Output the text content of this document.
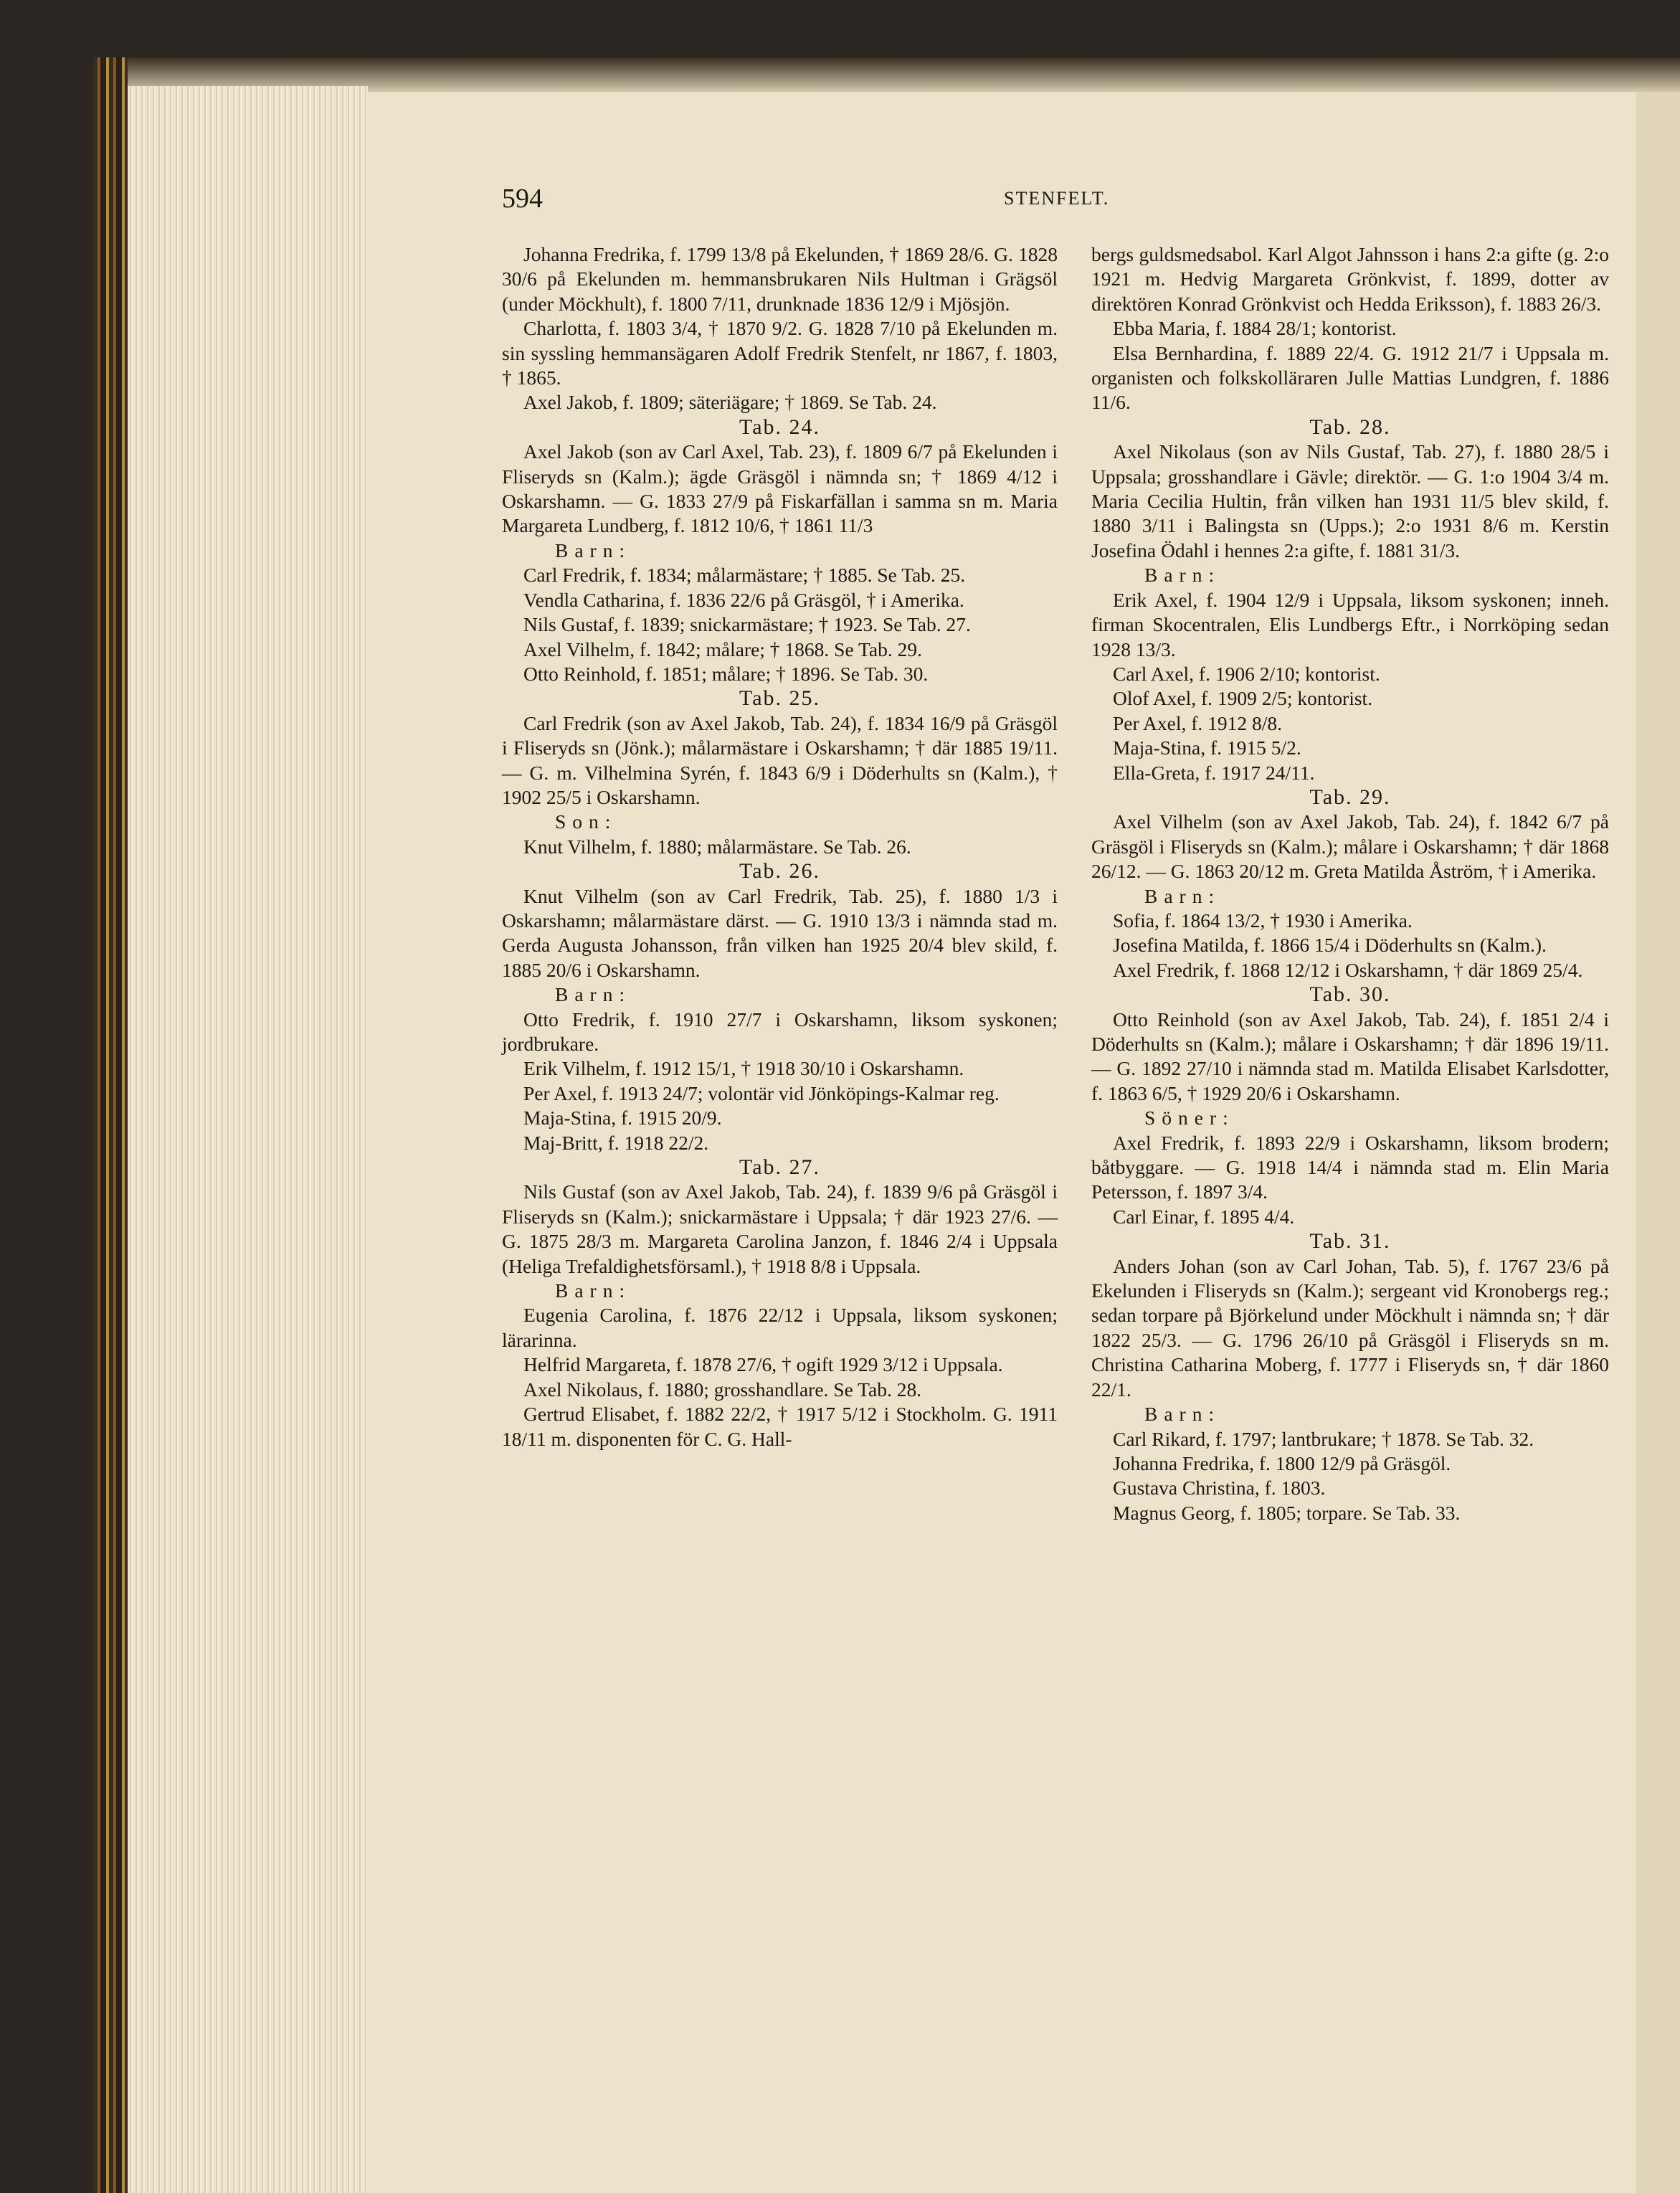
594	STENFELT.

Johanna Fredrika, f. 1799 13/8 på Ekelunden, † 1869 28/6. G. 1828 30/6 på Ekelunden m. hemmansbrukaren Nils Hultman i Grägsöl (under Möckhult), f. 1800 7/11, drunknade 1836 12/9 i Mjösjön.

Charlotta, f. 1803 3/4, † 1870 9/2. G. 1828 7/10 på Ekelunden m. sin syssling hemmansägaren Adolf Fredrik Stenfelt, nr 1867, f. 1803, † 1865.

Axel Jakob, f. 1809; säteriägare; † 1869. Se Tab. 24.

Tab. 24.

Axel Jakob (son av Carl Axel, Tab. 23), f. 1809 6/7 på Ekelunden i Fliseryds sn (Kalm.); ägde Gräsgöl i nämnda sn; † 1869 4/12 i Oskarshamn. — G. 1833 27/9 på Fiskarfällan i samma sn m. Maria Margareta Lundberg, f. 1812 10/6, † 1861 11/3

Barn:

Carl Fredrik, f. 1834; målarmästare; † 1885. Se Tab. 25.

Vendla Catharina, f. 1836 22/6 på Gräsgöl, † i Amerika.

Nils Gustaf, f. 1839; snickarmästare; † 1923. Se Tab. 27.

Axel Vilhelm, f. 1842; målare; † 1868. Se Tab. 29.

Otto Reinhold, f. 1851; målare; † 1896. Se Tab. 30.

Tab. 25.

Carl Fredrik (son av Axel Jakob, Tab. 24), f. 1834 16/9 på Gräsgöl i Fliseryds sn (Jönk.); målarmästare i Oskarshamn; † där 1885 19/11. — G. m. Vilhelmina Syrén, f. 1843 6/9 i Döderhults sn (Kalm.), † 1902 25/5 i Oskarshamn.

Son:

Knut Vilhelm, f. 1880; målarmästare. Se Tab. 26.

Tab. 26.

Knut Vilhelm (son av Carl Fredrik, Tab. 25), f. 1880 1/3 i Oskarshamn; målarmästare därst. — G. 1910 13/3 i nämnda stad m. Gerda Augusta Johansson, från vilken han 1925 20/4 blev skild, f. 1885 20/6 i Oskarshamn.

Barn:

Otto Fredrik, f. 1910 27/7 i Oskarshamn, liksom syskonen; jordbrukare.

Erik Vilhelm, f. 1912 15/1, † 1918 30/10 i Oskarshamn.

Per Axel, f. 1913 24/7; volontär vid Jönköpings-Kalmar reg.

Maja-Stina, f. 1915 20/9.

Maj-Britt, f. 1918 22/2.

Tab. 27.

Nils Gustaf (son av Axel Jakob, Tab. 24), f. 1839 9/6 på Gräsgöl i Fliseryds sn (Kalm.); snickarmästare i Uppsala; † där 1923 27/6. — G. 1875 28/3 m. Margareta Carolina Janzon, f. 1846 2/4 i Uppsala (Heliga Trefaldighetsförsaml.), † 1918 8/8 i Uppsala.

Barn:

Eugenia Carolina, f. 1876 22/12 i Uppsala, liksom syskonen; lärarinna.

Helfrid Margareta, f. 1878 27/6, † ogift 1929 3/12 i Uppsala.

Axel Nikolaus, f. 1880; grosshandlare. Se Tab. 28.

Gertrud Elisabet, f. 1882 22/2, † 1917 5/12 i Stockholm. G. 1911 18/11 m. disponenten för C. G. Hall-

bergs guldsmedsabol. Karl Algot Jahnsson i hans 2:a gifte (g. 2:o 1921 m. Hedvig Margareta Grönkvist, f. 1899, dotter av direktören Konrad Grönkvist och Hedda Eriksson), f. 1883 26/3.

Ebba Maria, f. 1884 28/1; kontorist.

Elsa Bernhardina, f. 1889 22/4. G. 1912 21/7 i Uppsala m. organisten och folkskolläraren Julle Mattias Lundgren, f. 1886 11/6.

Tab. 28.

Axel Nikolaus (son av Nils Gustaf, Tab. 27), f. 1880 28/5 i Uppsala; grosshandlare i Gävle; direktör. — G. 1:o 1904 3/4 m. Maria Cecilia Hultin, från vilken han 1931 11/5 blev skild, f. 1880 3/11 i Balingsta sn (Upps.); 2:o 1931 8/6 m. Kerstin Josefina Ödahl i hennes 2:a gifte, f. 1881 31/3.

Barn:

Erik Axel, f. 1904 12/9 i Uppsala, liksom syskonen; inneh. firman Skocentralen, Elis Lundbergs Eftr., i Norrköping sedan 1928 13/3.

Carl Axel, f. 1906 2/10; kontorist.

Olof Axel, f. 1909 2/5; kontorist.

Per Axel, f. 1912 8/8.

Maja-Stina, f. 1915 5/2.

Ella-Greta, f. 1917 24/11.

Tab. 29.

Axel Vilhelm (son av Axel Jakob, Tab. 24), f. 1842 6/7 på Gräsgöl i Fliseryds sn (Kalm.); målare i Oskarshamn; † där 1868 26/12. — G. 1863 20/12 m. Greta Matilda Åström, † i Amerika.

Barn:

Sofia, f. 1864 13/2, † 1930 i Amerika.

Josefina Matilda, f. 1866 15/4 i Döderhults sn (Kalm.).

Axel Fredrik, f. 1868 12/12 i Oskarshamn, † där 1869 25/4.

Tab. 30.

Otto Reinhold (son av Axel Jakob, Tab. 24), f. 1851 2/4 i Döderhults sn (Kalm.); målare i Oskarshamn; † där 1896 19/11. — G. 1892 27/10 i nämnda stad m. Matilda Elisabet Karlsdotter, f. 1863 6/5, † 1929 20/6 i Oskarshamn.

Söner:

Axel Fredrik, f. 1893 22/9 i Oskarshamn, liksom brodern; båtbyggare. — G. 1918 14/4 i nämnda stad m. Elin Maria Petersson, f. 1897 3/4.

Carl Einar, f. 1895 4/4.

Tab. 31.

Anders Johan (son av Carl Johan, Tab. 5), f. 1767 23/6 på Ekelunden i Fliseryds sn (Kalm.); sergeant vid Kronobergs reg.; sedan torpare på Björkelund under Möckhult i nämnda sn; † där 1822 25/3. — G. 1796 26/10 på Gräsgöl i Fliseryds sn m. Christina Catharina Moberg, f. 1777 i Fliseryds sn, † där 1860 22/1.

Barn:

Carl Rikard, f. 1797; lantbrukare; † 1878. Se Tab. 32.

Johanna Fredrika, f. 1800 12/9 på Gräsgöl.

Gustava Christina, f. 1803.

Magnus Georg, f. 1805; torpare. Se Tab. 33.
